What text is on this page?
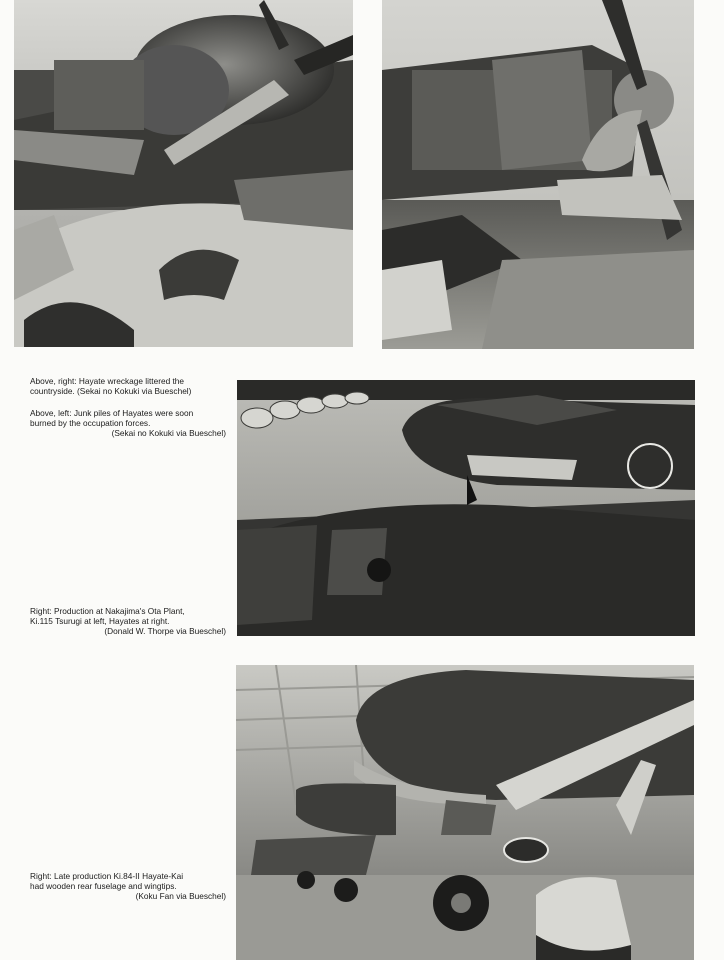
Above, right: Hayate wreckage littered the
countryside. (Sekai no Kokuki via Bueschel)
Above, left: Junk piles of Hayates were soon
burned by the occupation forces.
(Sekai no Kokuki via Bueschel)
Right: Production at Nakajima's Ota Plant,
Ki.115 Tsurugi at left, Hayates at right.
(Donald W. Thorpe via Bueschel)
Right: Late production Ki.84-II Hayate-Kai
had wooden rear fuselage and wingtips.
(Koku Fan via Bueschel)
